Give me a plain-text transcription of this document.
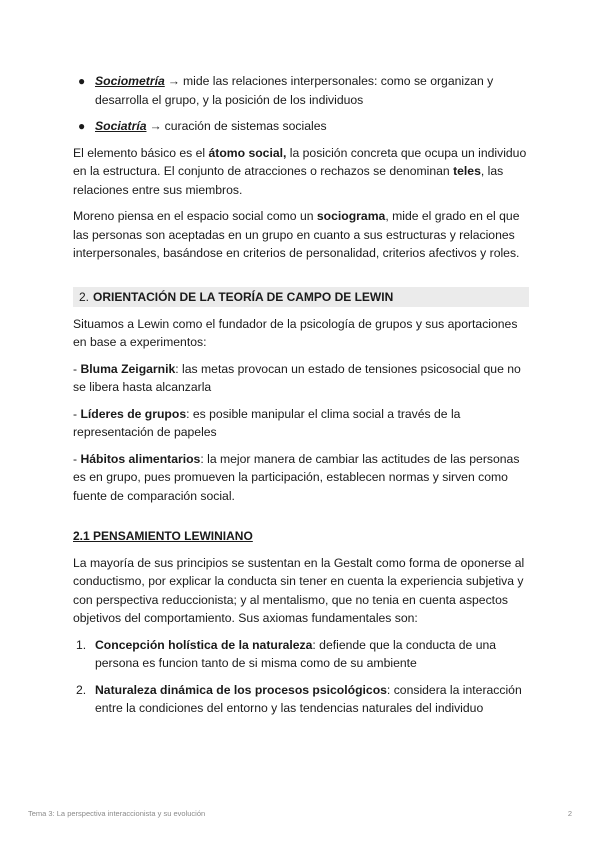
● Sociometría → mide las relaciones interpersonales: como se organizan y desarrolla el grupo, y la posición de los individuos
● Sociatría → curación de sistemas sociales

El elemento básico es el átomo social, la posición concreta que ocupa un individuo en la estructura. El conjunto de atracciones o rechazos se denominan teles, las relaciones entre sus miembros.

Moreno piensa en el espacio social como un sociograma, mide el grado en el que las personas son aceptadas en un grupo en cuanto a sus estructuras y relaciones interpersonales, basándose en criterios de personalidad, criterios afectivos y roles.

2. ORIENTACIÓN DE LA TEORÍA DE CAMPO DE LEWIN

Situamos a Lewin como el fundador de la psicología de grupos y sus aportaciones en base a experimentos:

- Bluma Zeigarnik: las metas provocan un estado de tensiones psicosocial que no se libera hasta alcanzarla

- Líderes de grupos: es posible manipular el clima social a través de la representación de papeles

- Hábitos alimentarios: la mejor manera de cambiar las actitudes de las personas es en grupo, pues promueven la participación, establecen normas y sirven como fuente de comparación social.

2.1 PENSAMIENTO LEWINIANO

La mayoría de sus principios se sustentan en la Gestalt como forma de oponerse al conductismo, por explicar la conducta sin tener en cuenta la experiencia subjetiva y con perspectiva reduccionista; y al mentalismo, que no tenia en cuenta aspectos objetivos del comportamiento. Sus axiomas fundamentales son:

1. Concepción holística de la naturaleza: defiende que la conducta de una persona es funcion tanto de si misma como de su ambiente
2. Naturaleza dinámica de los procesos psicológicos: considera la interacción entre la condiciones del entorno y las tendencias naturales del individuo
Tema 3: La perspectiva interaccionista y su evolución	2
